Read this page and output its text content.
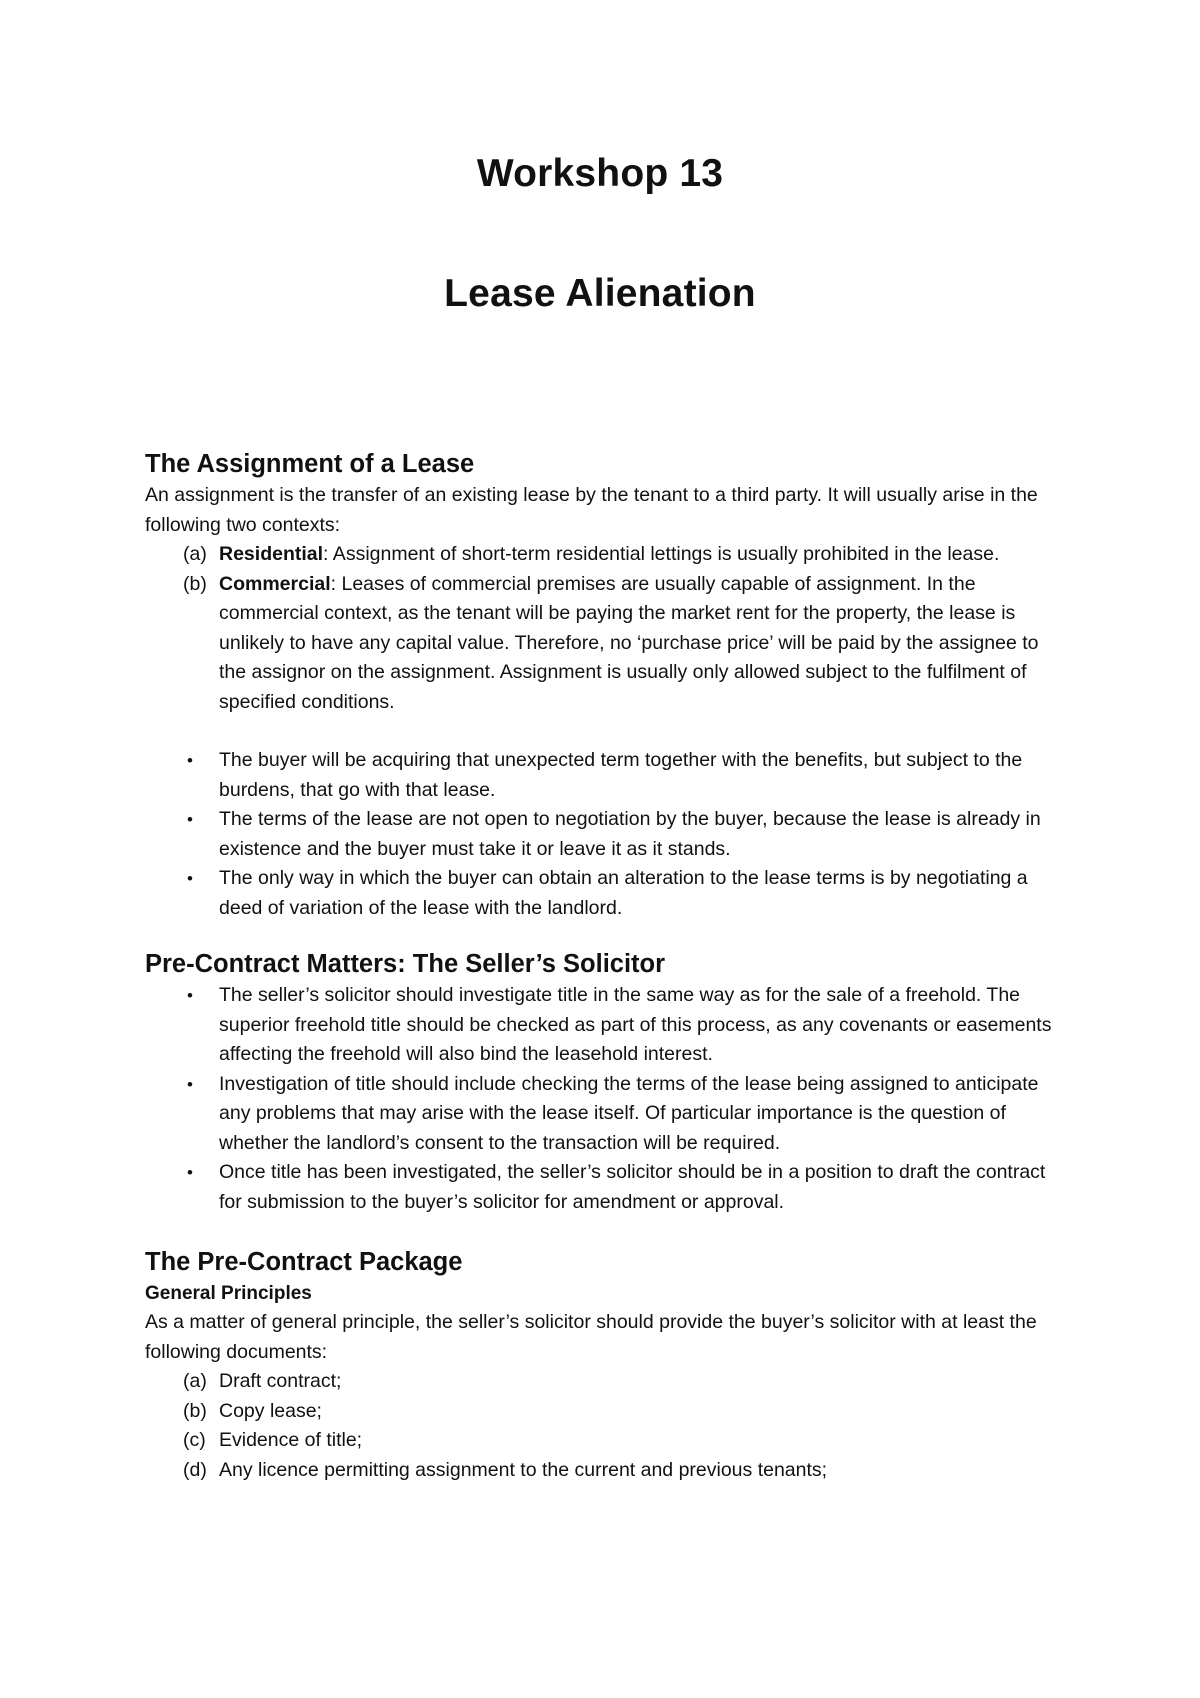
Workshop 13
Lease Alienation
The Assignment of a Lease

An assignment is the transfer of an existing lease by the tenant to a third party. It will usually arise in the following two contexts:

(a) Residential: Assignment of short-term residential lettings is usually prohibited in the lease.
(b) Commercial: Leases of commercial premises are usually capable of assignment. In the commercial context, as the tenant will be paying the market rent for the property, the lease is unlikely to have any capital value. Therefore, no ‘purchase price’ will be paid by the assignee to the assignor on the assignment. Assignment is usually only allowed subject to the fulfilment of specified conditions.
• The buyer will be acquiring that unexpected term together with the benefits, but subject to the burdens, that go with that lease.
• The terms of the lease are not open to negotiation by the buyer, because the lease is already in existence and the buyer must take it or leave it as it stands.
• The only way in which the buyer can obtain an alteration to the lease terms is by negotiating a deed of variation of the lease with the landlord.
Pre-Contract Matters: The Seller’s Solicitor
• The seller’s solicitor should investigate title in the same way as for the sale of a freehold. The superior freehold title should be checked as part of this process, as any covenants or easements affecting the freehold will also bind the leasehold interest.
• Investigation of title should include checking the terms of the lease being assigned to anticipate any problems that may arise with the lease itself. Of particular importance is the question of whether the landlord’s consent to the transaction will be required.
• Once title has been investigated, the seller’s solicitor should be in a position to draft the contract for submission to the buyer’s solicitor for amendment or approval.
The Pre-Contract Package
General Principles

As a matter of general principle, the seller’s solicitor should provide the buyer’s solicitor with at least the following documents:

(a) Draft contract;
(b) Copy lease;
(c) Evidence of title;
(d) Any licence permitting assignment to the current and previous tenants;
